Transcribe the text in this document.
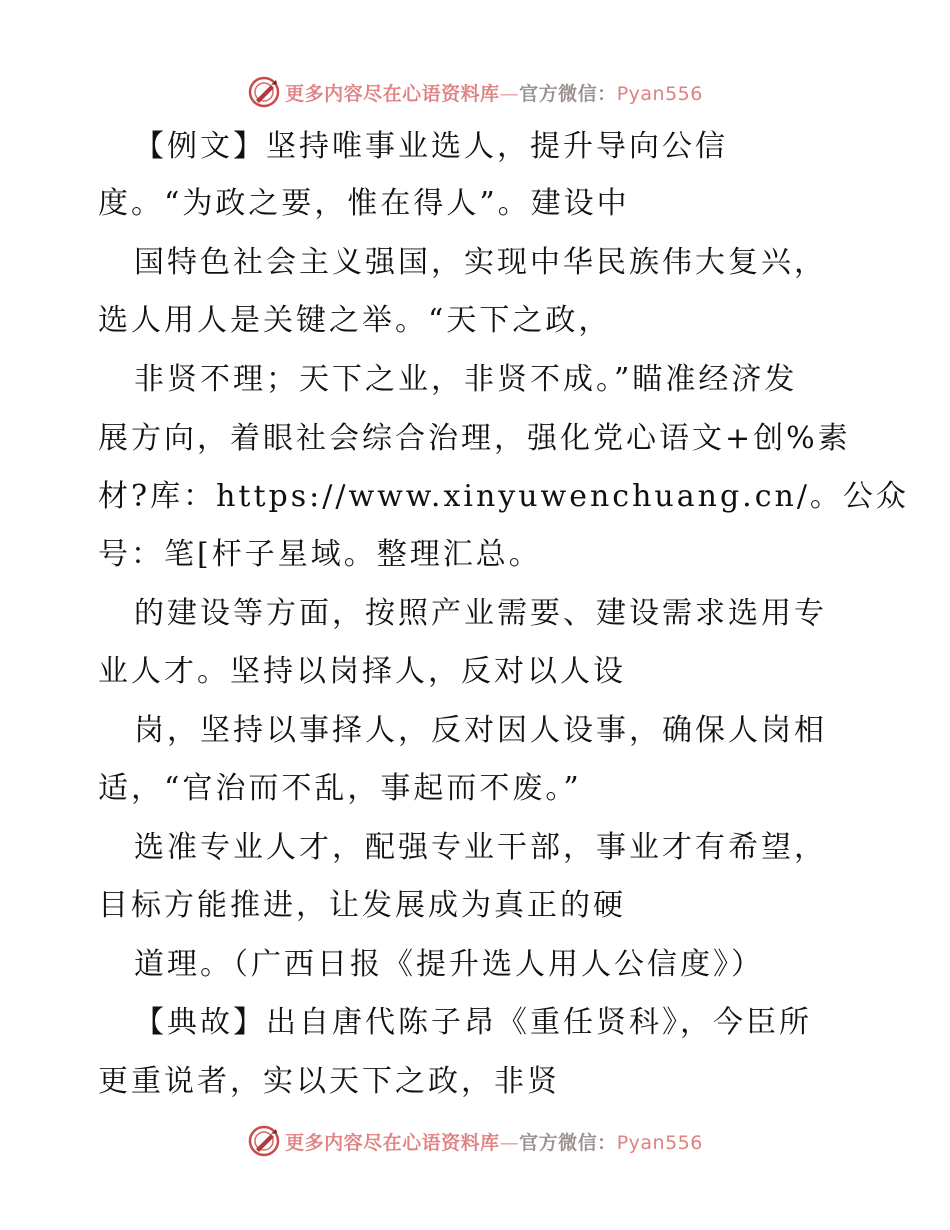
更多内容尽在心语资料库—官方微信：Pyan556
【例文】坚持唯事业选人，提升导向公信
度。“为政之要，惟在得人”。建设中
国特色社会主义强国，实现中华民族伟大复兴，
选人用人是关键之举。“天下之政，
非贤不理；天下之业，非贤不成。”瞄准经济发
展方向，着眼社会综合治理，强化党心语文+创%素
材?库：https://www.xinyuwenchuang.cn/。公众
号：笔[杆子星域。整理汇总。
的建设等方面，按照产业需要、建设需求选用专
业人才。坚持以岗择人，反对以人设
岗，坚持以事择人，反对因人设事，确保人岗相
适，“官治而不乱，事起而不废。”
选准专业人才，配强专业干部，事业才有希望，
目标方能推进，让发展成为真正的硬
道理。（广西日报《提升选人用人公信度》）
【典故】出自唐代陈子昂《重任贤科》，今臣所
更重说者，实以天下之政，非贤
更多内容尽在心语资料库—官方微信：Pyan556
